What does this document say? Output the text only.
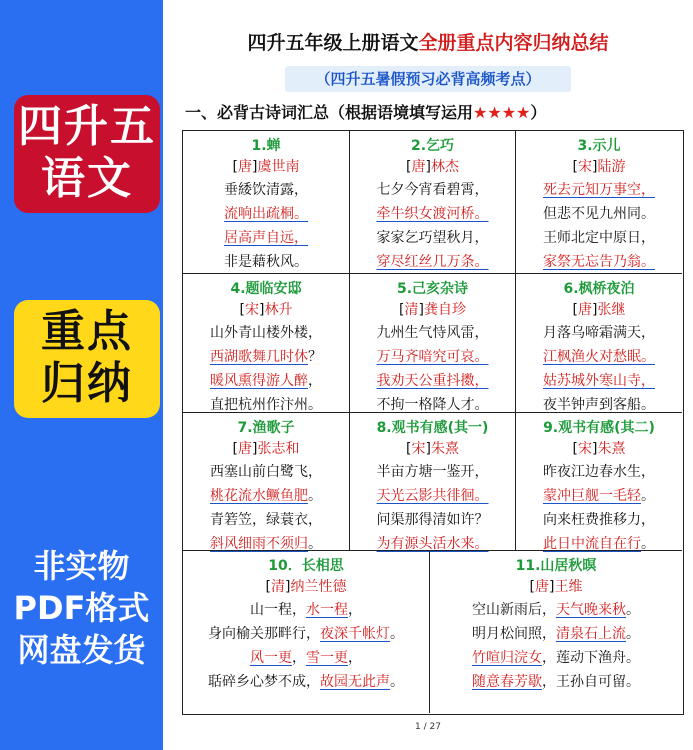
四升五
语文
重点
归纳
非实物
PDF格式
网盘发货
四升五年级上册语文全册重点内容归纳总结
（四升五暑假预习必背高频考点）
一、必背古诗词汇总（根据语境填写运用★★★★）
1.蝉
[唐]虞世南
垂緌饮清露，
流响出疏桐。
居高声自远，
非是藉秋风。
2.乞巧
[唐]林杰
七夕今宵看碧霄，
牵牛织女渡河桥。
家家乞巧望秋月，
穿尽红丝几万条。
3.示儿
[宋]陆游
死去元知万事空，
但悲不见九州同。
王师北定中原日，
家祭无忘告乃翁。
4.题临安邸
[宋]林升
山外青山楼外楼，
西湖歌舞几时休？
暖风熏得游人醉，
直把杭州作汴州。
5.己亥杂诗
[清]龚自珍
九州生气恃风雷，
万马齐喑究可哀。
我劝天公重抖擞，
不拘一格降人才。
6.枫桥夜泊
[唐]张继
月落乌啼霜满天，
江枫渔火对愁眠。
姑苏城外寒山寺，
夜半钟声到客船。
7.渔歌子
[唐]张志和
西塞山前白鹭飞，
桃花流水鳜鱼肥。
青箬笠，绿蓑衣，
斜风细雨不须归。
8.观书有感(其一)
[宋]朱熹
半亩方塘一鉴开，
天光云影共徘徊。
问渠那得清如许？
为有源头活水来。
9.观书有感(其二)
[宋]朱熹
昨夜江边春水生，
蒙冲巨舰一毛轻。
向来枉费推移力，
此日中流自在行。
10．长相思
[清]纳兰性德
山一程，水一程，
身向榆关那畔行，夜深千帐灯。
风一更，雪一更，
聒碎乡心梦不成，故园无此声。
11.山居秋暝
[唐]王维
空山新雨后，天气晚来秋。
明月松间照，清泉石上流。
竹喧归浣女，莲动下渔舟。
随意春芳歇，王孙自可留。
1 / 27
